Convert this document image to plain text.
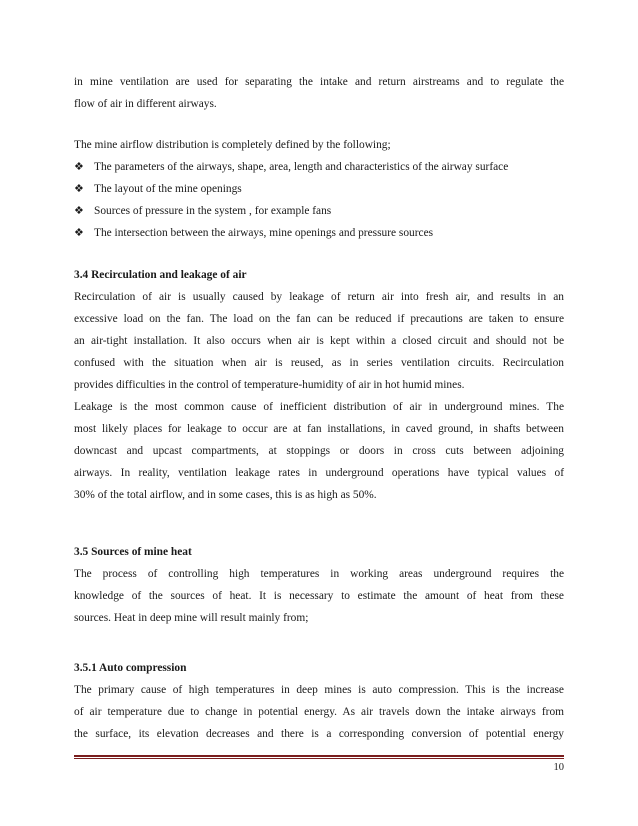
in mine ventilation are used for separating the intake and return airstreams and to regulate the
flow of air in different airways.
The mine airflow distribution is completely defined by the following;
❖ The parameters of the airways, shape, area, length and characteristics of the airway surface
❖ The layout of the mine openings
❖ Sources of pressure in the system , for example fans
❖ The intersection between the airways, mine openings and pressure sources
3.4 Recirculation and leakage of air
Recirculation of air is usually caused by leakage of return air into fresh air, and results in an
excessive load on the fan. The load on the fan can be reduced if precautions are taken to ensure
an air-tight installation. It also occurs when air is kept within a closed circuit and should not be
confused with the situation when air is reused, as in series ventilation circuits. Recirculation
provides difficulties in the control of temperature-humidity of air in hot humid mines.
Leakage is the most common cause of inefficient distribution of air in underground mines. The
most likely places for leakage to occur are at fan installations, in caved ground, in shafts between
downcast and upcast compartments, at stoppings or doors in cross cuts between adjoining
airways. In reality, ventilation leakage rates in underground operations have typical values of
30% of the total airflow, and in some cases, this is as high as 50%.
3.5 Sources of mine heat
The process of controlling high temperatures in working areas underground requires the
knowledge of the sources of heat. It is necessary to estimate the amount of heat from these
sources. Heat in deep mine will result mainly from;
3.5.1 Auto compression
The primary cause of high temperatures in deep mines is auto compression. This is the increase
of air temperature due to change in potential energy. As air travels down the intake airways from
the surface, its elevation decreases and there is a corresponding conversion of potential energy
10
